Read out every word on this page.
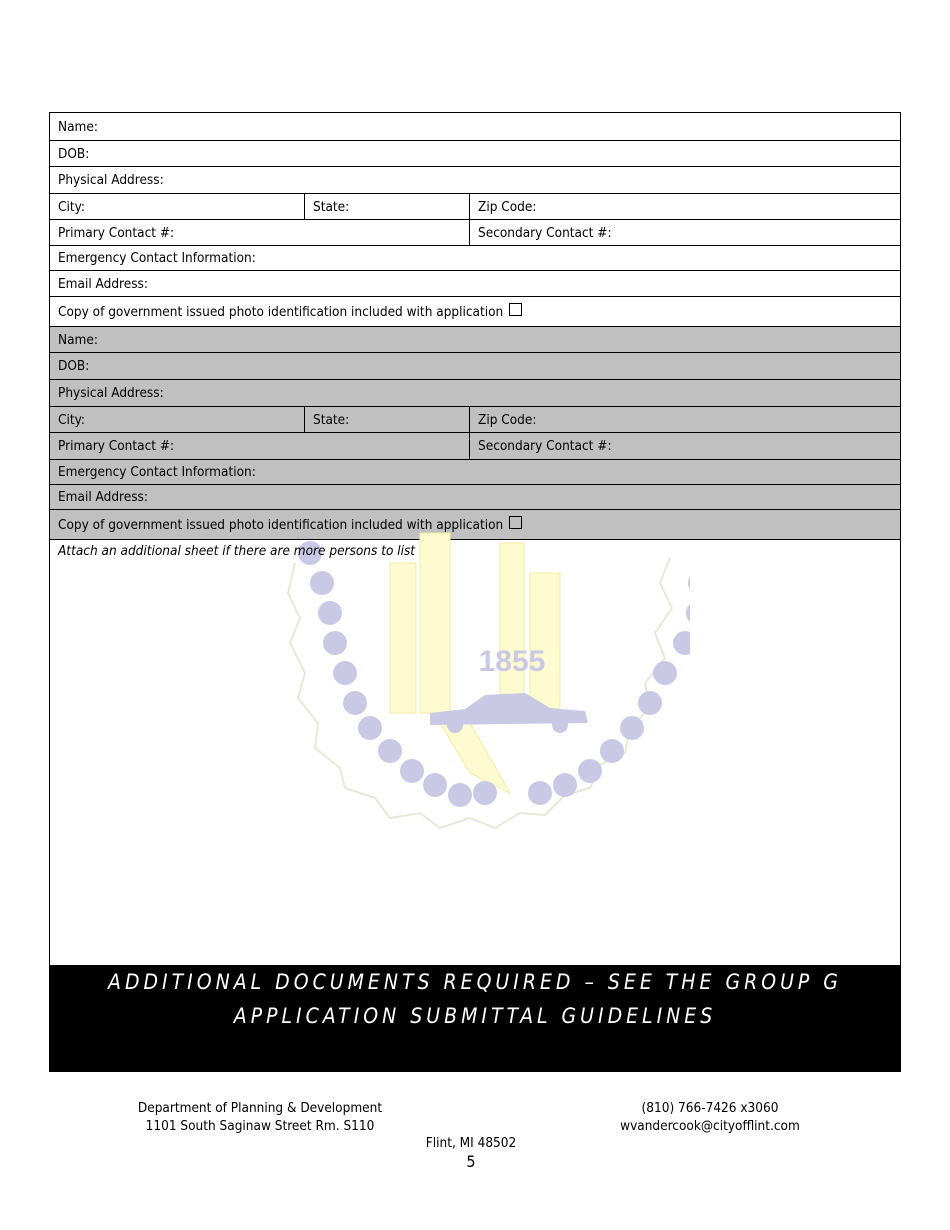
Name:
DOB:
Physical Address:
City:	State:	Zip Code:
Primary Contact #:	Secondary Contact #:
Emergency Contact Information:
Email Address:
Copy of government issued photo identification included with application
Name:
DOB:
Physical Address:
City:	State:	Zip Code:
Primary Contact #:	Secondary Contact #:
Emergency Contact Information:
Email Address:
Copy of government issued photo identification included with application
1855
Attach an additional sheet if there are more persons to list
ADDITIONAL DOCUMENTS REQUIRED – SEE THE GROUP G
APPLICATION SUBMITTAL GUIDELINES
Department of Planning & Development
1101 South Saginaw Street Rm. S110
(810) 766-7426 x3060
wvandercook@cityofflint.com
Flint, MI 48502
5
